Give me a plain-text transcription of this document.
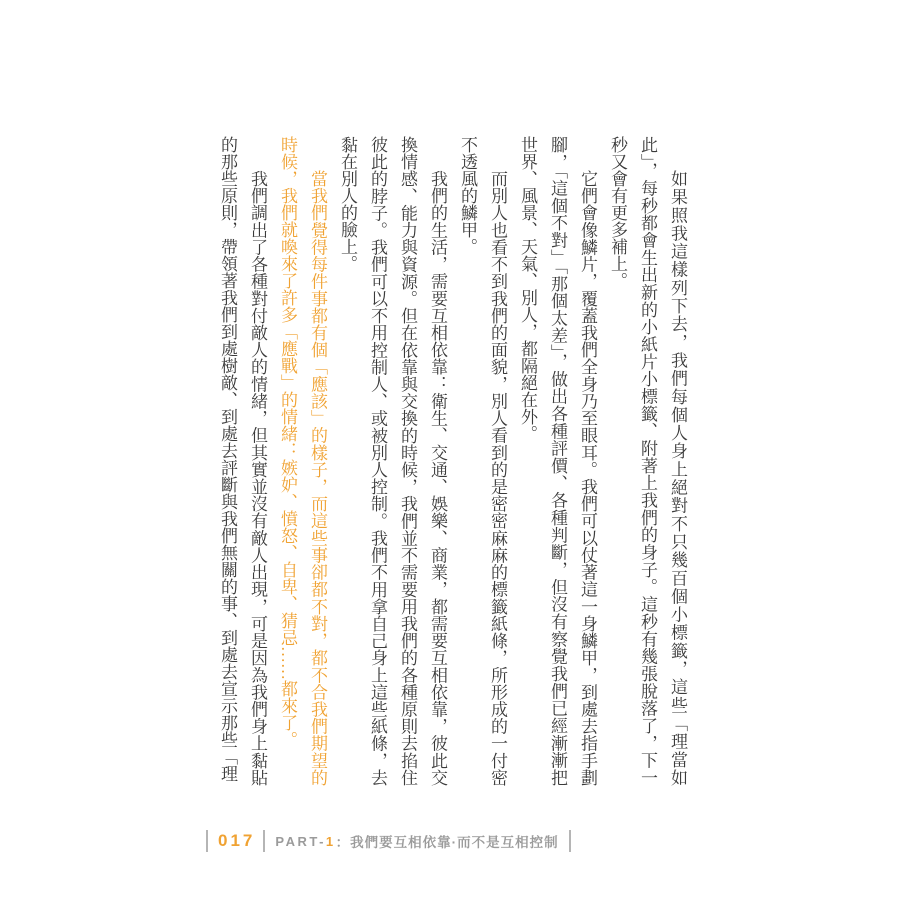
如果照我這樣列下去，我們每個人身上絕對不只幾百個小標籤，這些「理當如此」，每秒都會生出新的小紙片小標籤、附著上我們的身子。這秒有幾張脫落了，下一秒又會有更多補上。

它們會像鱗片，覆蓋我們全身乃至眼耳。我們可以仗著這一身鱗甲，到處去指手劃腳，「這個不對」「那個太差」，做出各種評價、各種判斷，但沒有察覺我們已經漸漸把世界、風景、天氣、別人，都隔絕在外。

而別人也看不到我們的面貌，別人看到的是密密麻麻的標籤紙條，所形成的一付密不透風的鱗甲。

我們的生活，需要互相依靠：衛生、交通、娛樂、商業，都需要互相依靠，彼此交換情感、能力與資源。但在依靠與交換的時候，我們並不需要用我們的各種原則去掐住彼此的脖子。我們可以不用控制人、或被別人控制。我們不用拿自己身上這些紙條，去黏在別人的臉上。

當我們覺得每件事都有個「應該」的樣子，而這些事卻都不對，都不合我們期望的時候，我們就喚來了許多「應戰」的情緒：嫉妒、憤怒、自卑、猜忌……都來了。

我們調出了各種對付敵人的情緒，但其實並沒有敵人出現，可是因為我們身上黏貼的那些原則，帶領著我們到處樹敵、到處去評斷與我們無關的事、到處去宣示那些「理

017 PART- 1 ： 我們要互相依靠·而不是互相控制
